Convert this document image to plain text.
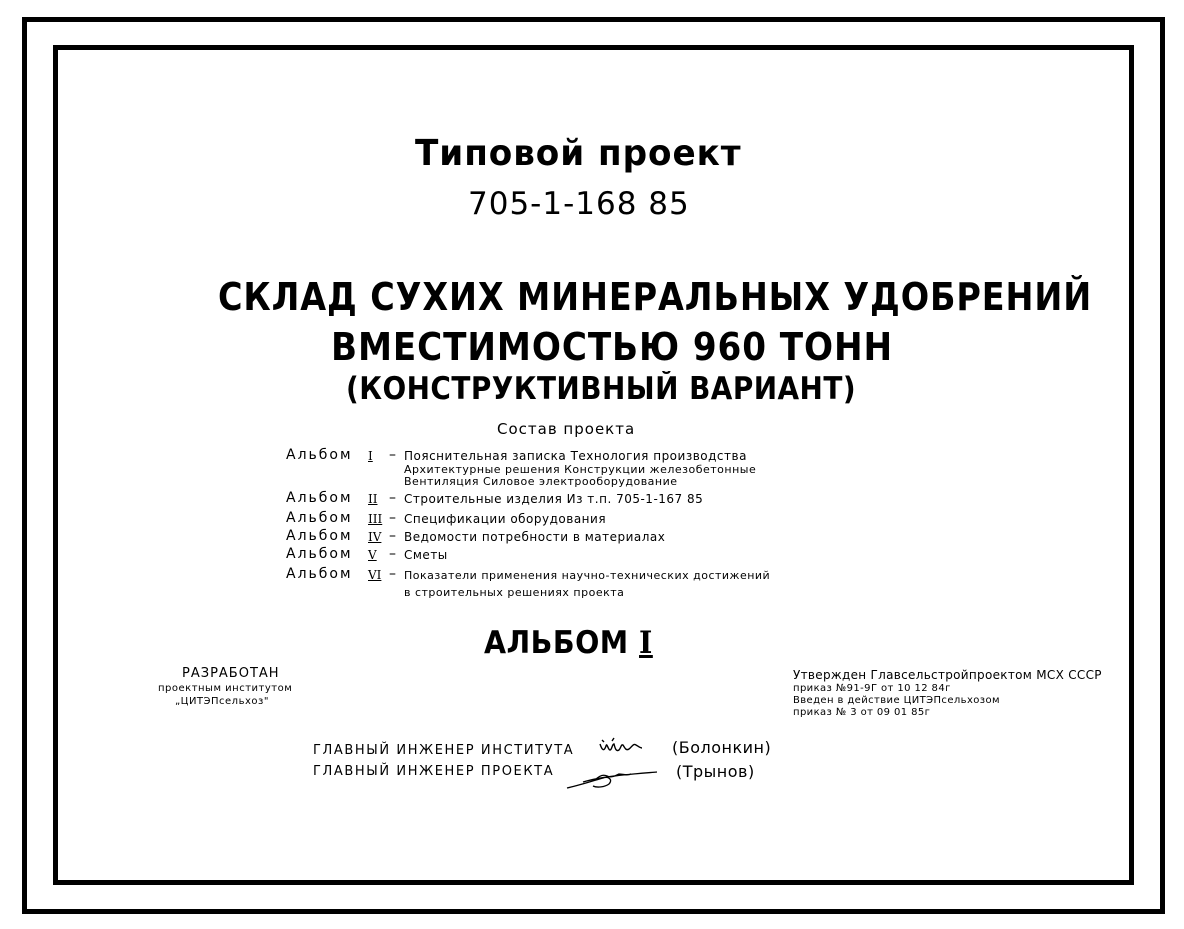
Типовой проект
705-1-168 85
СКЛАД СУХИХ МИНЕРАЛЬНЫХ УДОБРЕНИЙ
ВМЕСТИМОСТЬЮ 960 ТОНН
(КОНСТРУКТИВНЫЙ ВАРИАНТ)
Состав проекта
Альбом I – Пояснительная записка Технология производства
Архитектурные решения Конструкции железобетонные
Вентиляция Силовое электрооборудование
Альбом II – Строительные изделия Из т.п. 705-1-167 85
Альбом III – Спецификации оборудования
Альбом IV – Ведомости потребности в материалах
Альбом V – Сметы
Альбом VI – Показатели применения научно-технических достижений
в строительных решениях проекта
АЛЬБОМ I
РАЗРАБОТАН
проектным институтом
„ЦИТЭПсельхоз"
Утвержден Главсельстройпроектом МСХ СССР
приказ №91-9Г от 10 12 84г
Введен в действие ЦИТЭПсельхозом
приказ № 3 от 09 01 85г
ГЛАВНЫЙ ИНЖЕНЕР ИНСТИТУТА
ГЛАВНЫЙ ИНЖЕНЕР ПРОЕКТА
(Болонкин)
(Трынов)
